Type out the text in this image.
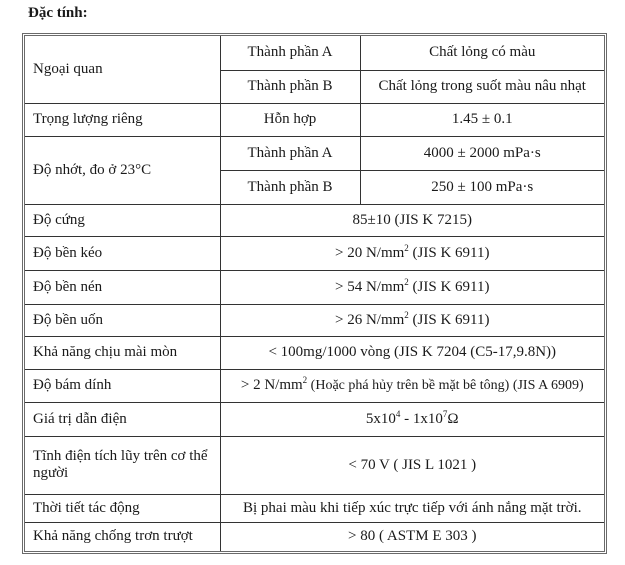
Đặc tính:
Ngoại quan	Thành phần A	Chất lỏng có màu
	Thành phần B	Chất lỏng trong suốt màu nâu nhạt
Trọng lượng riêng	Hỗn hợp	1.45 ± 0.1
Độ nhớt, đo ở 23°C	Thành phần A	4000 ± 2000 mPa·s
	Thành phần B	250 ± 100 mPa·s
Độ cứng	85±10 (JIS K 7215)	
Độ bền kéo	> 20 $N/mm^2$ (JIS K 6911)	
Độ bền nén	> 54 $N/mm^2$ (JIS K 6911)	
Độ bền uốn	> 26 $N/mm^2$ (JIS K 6911)	
Khả năng chịu mài mòn	< 100mg/1000 vòng (JIS K 7204 (C5-17,9.8N))	
Độ bám dính	> 2 $N/mm^2$ (Hoặc phá hủy trên bề mặt bê tông) (JIS A 6909)	
Giá trị dẫn điện	$5x10^4 - 1x10^7\Omega$	
Tĩnh điện tích lũy trên cơ thể người	< 70 V ( JIS L 1021 )	
Thời tiết tác động	Bị phai màu khi tiếp xúc trực tiếp với ánh nắng mặt trời.	
Khả năng chống trơn trượt	> 80 ( ASTM E 303 )	
